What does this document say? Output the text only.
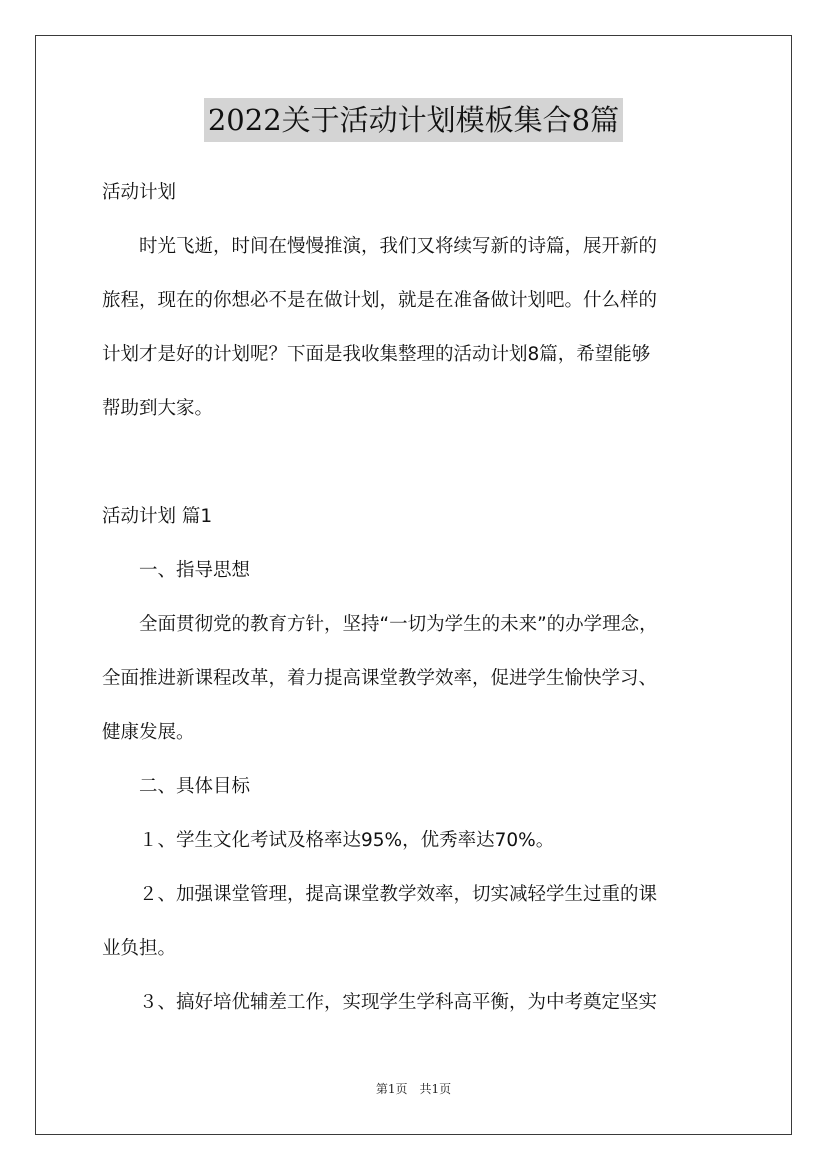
2022关于活动计划模板集合8篇

活动计划

　　时光飞逝，时间在慢慢推演，我们又将续写新的诗篇，展开新的

旅程，现在的你想必不是在做计划，就是在准备做计划吧。什么样的

计划才是好的计划呢？下面是我收集整理的活动计划8篇，希望能够

帮助到大家。

活动计划 篇1

　　一、指导思想

　　全面贯彻党的教育方针，坚持“一切为学生的未来”的办学理念，

全面推进新课程改革，着力提高课堂教学效率，促进学生愉快学习、

健康发展。

　　二、具体目标

　　１、学生文化考试及格率达95%，优秀率达70%。

　　２、加强课堂管理，提高课堂教学效率，切实减轻学生过重的课

业负担。

　　３、搞好培优辅差工作，实现学生学科高平衡，为中考奠定坚实

第1页　共1页
